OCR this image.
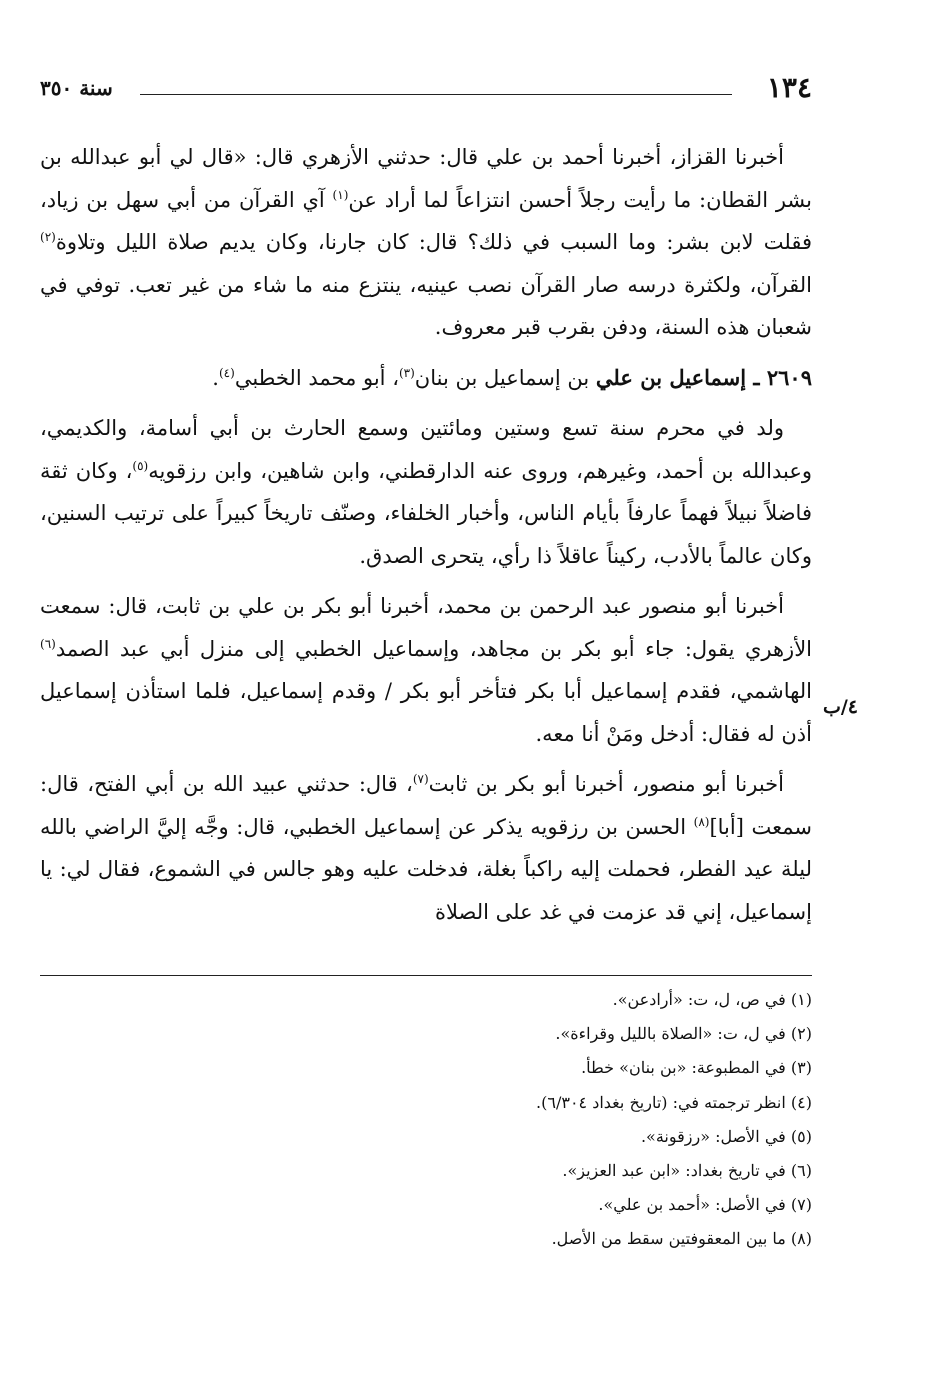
١٣٤
سنة ٣٥٠
٤/ب

أخبرنا القزاز، أخبرنا أحمد بن علي قال: حدثني الأزهري قال: «قال لي أبو عبدالله بن بشر القطان: ما رأيت رجلاً أحسن انتزاعاً لما أراد عن$^{(١)}$ آي القرآن من أبي سهل بن زياد، فقلت لابن بشر: وما السبب في ذلك؟ قال: كان جارنا، وكان يديم صلاة الليل وتلاوة$^{(٢)}$ القرآن، ولكثرة درسه صار القرآن نصب عينيه، ينتزع منه ما شاء من غير تعب. توفي في شعبان هذه السنة، ودفن بقرب قبر معروف.

٢٦٠٩ ـ إسماعيل بن علي بن إسماعيل بن بنان$^{(٣)}$، أبو محمد الخطبي$^{(٤)}$.

ولد في محرم سنة تسع وستين ومائتين وسمع الحارث بن أبي أسامة، والكديمي، وعبدالله بن أحمد، وغيرهم، وروى عنه الدارقطني، وابن شاهين، وابن رزقويه$^{(٥)}$، وكان ثقة فاضلاً نبيلاً فهماً عارفاً بأيام الناس، وأخبار الخلفاء، وصنّف تاريخاً كبيراً على ترتيب السنين، وكان عالماً بالأدب، ركيناً عاقلاً ذا رأي، يتحرى الصدق.

أخبرنا أبو منصور عبد الرحمن بن محمد، أخبرنا أبو بكر بن علي بن ثابت، قال: سمعت الأزهري يقول: جاء أبو بكر بن مجاهد، وإسماعيل الخطبي إلى منزل أبي عبد الصمد$^{(٦)}$ الهاشمي، فقدم إسماعيل أبا بكر فتأخر أبو بكر / وقدم إسماعيل، فلما استأذن إسماعيل أذن له فقال: أدخل ومَنْ أنا معه.

أخبرنا أبو منصور، أخبرنا أبو بكر بن ثابت$^{(٧)}$، قال: حدثني عبيد الله بن أبي الفتح، قال: سمعت [أبا]$^{(٨)}$ الحسن بن رزقويه يذكر عن إسماعيل الخطبي، قال: وجَّه إليَّ الراضي بالله ليلة عيد الفطر، فحملت إليه راكباً بغلة، فدخلت عليه وهو جالس في الشموع، فقال لي: يا إسماعيل، إني قد عزمت في غد على الصلاة

(١) في ص، ل، ت: «أرادعن».
(٢) في ل، ت: «الصلاة بالليل وقراءة».
(٣) في المطبوعة: «بن بنان» خطأ.
(٤) انظر ترجمته في: (تاريخ بغداد ٦/٣٠٤).
(٥) في الأصل: «رزقونة».
(٦) في تاريخ بغداد: «ابن عبد العزيز».
(٧) في الأصل: «أحمد بن علي».
(٨) ما بين المعقوفتين سقط من الأصل.
